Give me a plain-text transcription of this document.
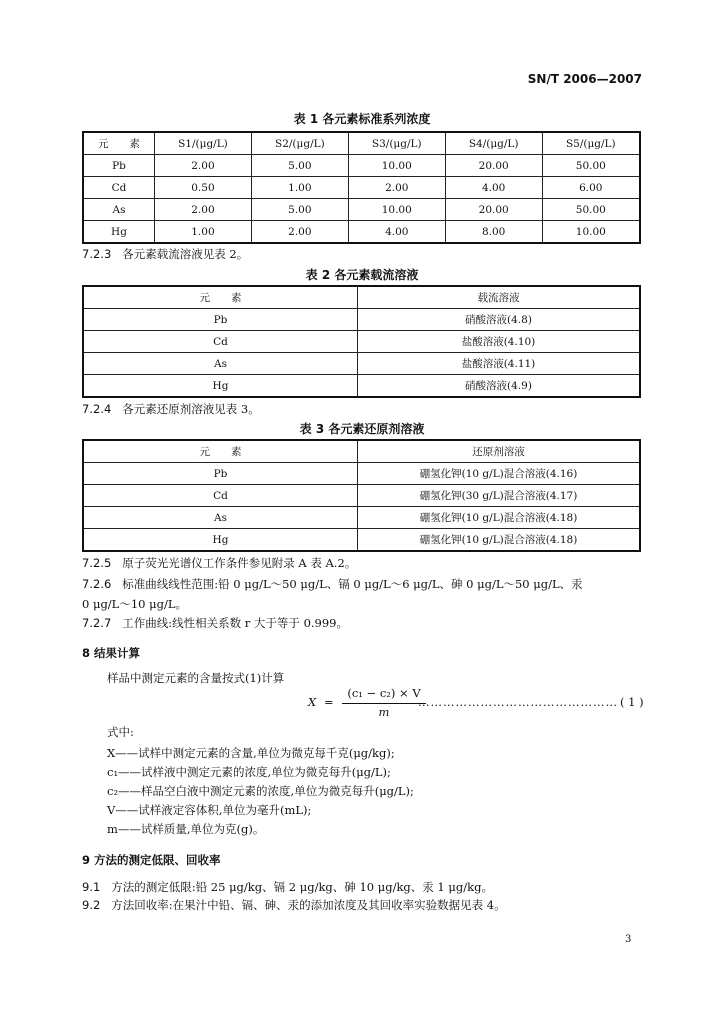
SN/T 2006—2007
表 1 各元素标准系列浓度
元　　素	S1/(μg/L)	S2/(μg/L)	S3/(μg/L)	S4/(μg/L)	S5/(μg/L)
Pb	2.00	5.00	10.00	20.00	50.00
Cd	0.50	1.00	2.00	4.00	6.00
As	2.00	5.00	10.00	20.00	50.00
Hg	1.00	2.00	4.00	8.00	10.00
7.2.3 各元素载流溶液见表 2。
表 2 各元素载流溶液
元　　素	载流溶液
Pb	硝酸溶液(4.8)
Cd	盐酸溶液(4.10)
As	盐酸溶液(4.11)
Hg	硝酸溶液(4.9)
7.2.4 各元素还原剂溶液见表 3。
表 3 各元素还原剂溶液
元　　素	还原剂溶液
Pb	硼氢化钾(10 g/L)混合溶液(4.16)
Cd	硼氢化钾(30 g/L)混合溶液(4.17)
As	硼氢化钾(10 g/L)混合溶液(4.18)
Hg	硼氢化钾(10 g/L)混合溶液(4.18)
7.2.5 原子荧光光谱仪工作条件参见附录 A 表 A.2。
7.2.6 标准曲线线性范围:铅 0 μg/L～50 μg/L、镉 0 μg/L～6 μg/L、砷 0 μg/L～50 μg/L、汞
0 μg/L～10 μg/L。
7.2.7 工作曲线:线性相关系数 r 大于等于 0.999。
8 结果计算
样品中测定元素的含量按式(1)计算
X =
(c₁ − c₂) × V
m
………………………………………… ( 1 )
式中:
X——试样中测定元素的含量,单位为微克每千克(μg/kg);
c₁——试样液中测定元素的浓度,单位为微克每升(μg/L);
c₂——样品空白液中测定元素的浓度,单位为微克每升(μg/L);
V——试样液定容体积,单位为毫升(mL);
m——试样质量,单位为克(g)。
9 方法的测定低限、回收率
9.1 方法的测定低限:铅 25 μg/kg、镉 2 μg/kg、砷 10 μg/kg、汞 1 μg/kg。
9.2 方法回收率:在果汁中铅、镉、砷、汞的添加浓度及其回收率实验数据见表 4。
3
